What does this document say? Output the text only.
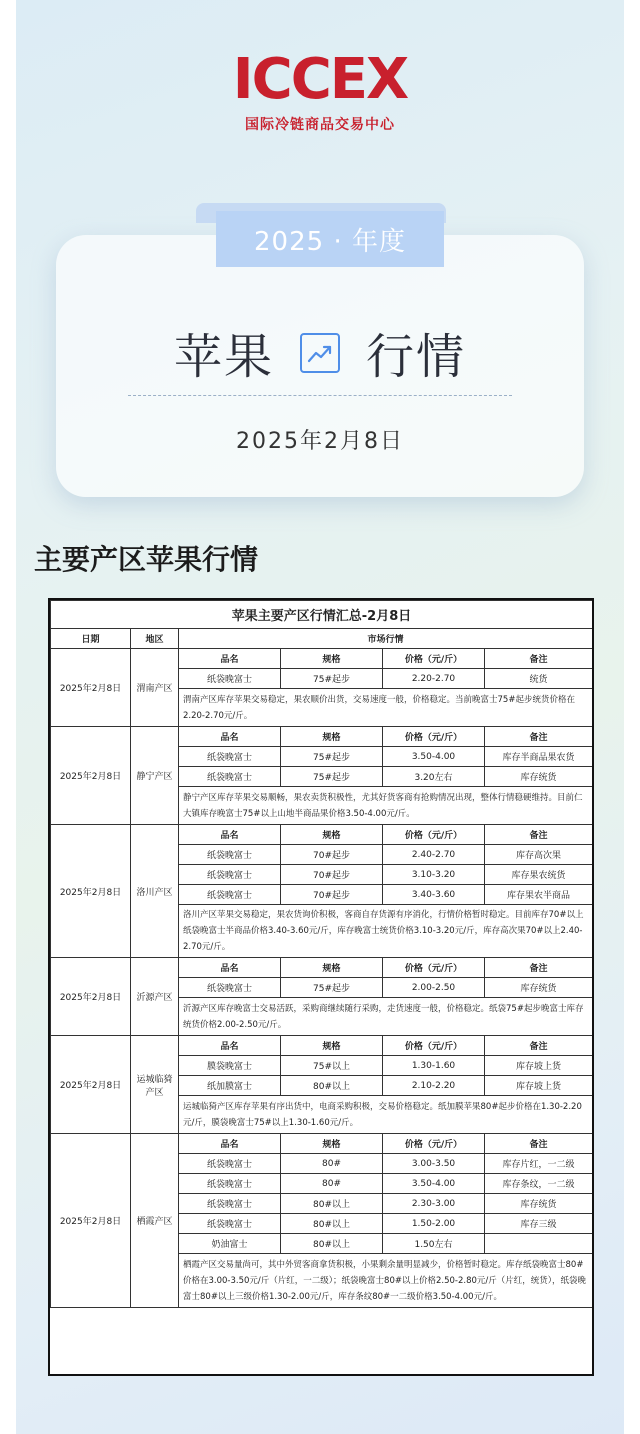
ICCEX
国际冷链商品交易中心
2025 · 年度
苹果 行情
2025年2月8日
主要产区苹果行情
苹果主要产区行情汇总-2月8日					
日期	地区	市场行情			
2025年2月8日	渭南产区	品名	规格	价格（元/斤）	备注
		纸袋晚富士	75#起步	2.20-2.70	统货
		渭南产区库存苹果交易稳定，果农顺价出货，交易速度一般，价格稳定。当前晚富士75#起步统货价格在2.20-2.70元/斤。			
2025年2月8日	静宁产区	品名	规格	价格（元/斤）	备注
		纸袋晚富士	75#起步	3.50-4.00	库存半商品果农货
		纸袋晚富士	75#起步	3.20左右	库存统货
		静宁产区库存苹果交易顺畅，果农卖货积极性，尤其好货客商有抢购情况出现，整体行情稳硬维持。目前仁大镇库存晚富士75#以上山地半商品果价格3.50-4.00元/斤。			
2025年2月8日	洛川产区	品名	规格	价格（元/斤）	备注
		纸袋晚富士	70#起步	2.40-2.70	库存高次果
		纸袋晚富士	70#起步	3.10-3.20	库存果农统货
		纸袋晚富士	70#起步	3.40-3.60	库存果农半商品
		洛川产区苹果交易稳定，果农货询价积极，客商自存货源有序消化，行情价格暂时稳定。目前库存70#以上纸袋晚富士半商品价格3.40-3.60元/斤，库存晚富士统货价格3.10-3.20元/斤，库存高次果70#以上2.40-2.70元/斤。			
2025年2月8日	沂源产区	品名	规格	价格（元/斤）	备注
		纸袋晚富士	75#起步	2.00-2.50	库存统货
		沂源产区库存晚富士交易活跃，采购商继续随行采购，走货速度一般，价格稳定。纸袋75#起步晚富士库存统货价格2.00-2.50元/斤。			
2025年2月8日	运城临猗产区	品名	规格	价格（元/斤）	备注
		膜袋晚富士	75#以上	1.30-1.60	库存坡上货
		纸加膜富士	80#以上	2.10-2.20	库存坡上货
		运城临猗产区库存苹果有序出货中，电商采购积极，交易价格稳定。纸加膜苹果80#起步价格在1.30-2.20元/斤，膜袋晚富士75#以上1.30-1.60元/斤。			
2025年2月8日	栖霞产区	品名	规格	价格（元/斤）	备注
		纸袋晚富士	80#	3.00-3.50	库存片红，一二级
		纸袋晚富士	80#	3.50-4.00	库存条纹，一二级
		纸袋晚富士	80#以上	2.30-3.00	库存统货
		纸袋晚富士	80#以上	1.50-2.00	库存三级
		奶油富士	80#以上	1.50左右	
		栖霞产区交易量尚可，其中外贸客商拿货积极，小果剩余量明显减少，价格暂时稳定。库存纸袋晚富士80#价格在3.00-3.50元/斤（片红，一二级）；纸袋晚富士80#以上价格2.50-2.80元/斤（片红，统货），纸袋晚富士80#以上三级价格1.30-2.00元/斤，库存条纹80#一二级价格3.50-4.00元/斤。			
